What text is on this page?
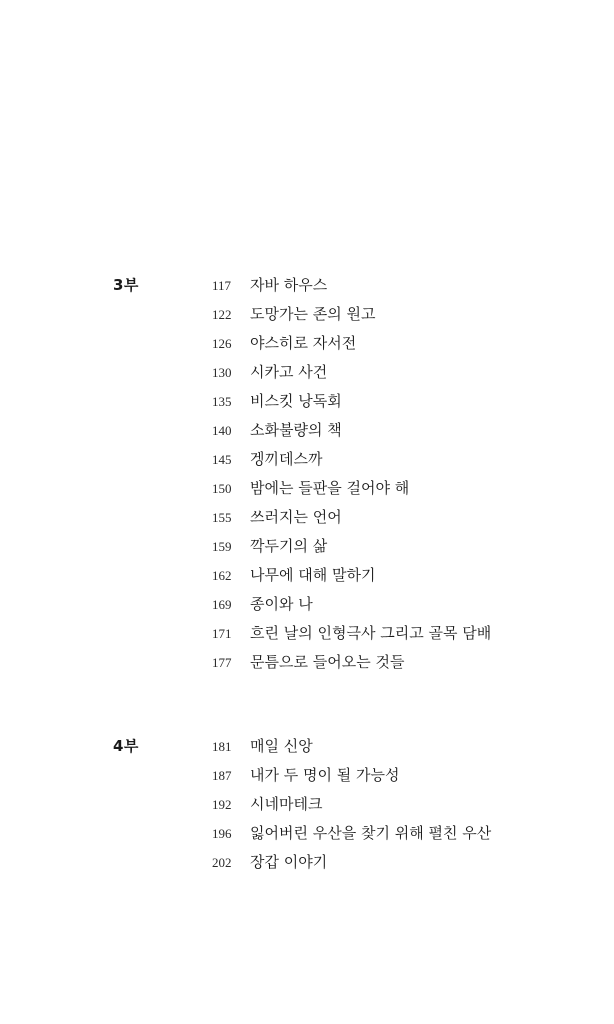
3부	117 자바 하우스
122 도망가는 존의 원고
126 야스히로 자서전
130 시카고 사건
135 비스킷 낭독회
140 소화불량의 책
145 겡끼데스까
150 밤에는 들판을 걸어야 해
155 쓰러지는 언어
159 깍두기의 삶
162 나무에 대해 말하기
169 종이와 나
171 흐린 날의 인형극사 그리고 골목 담배
177 문틈으로 들어오는 것들
4부	181 매일 신앙
187 내가 두 명이 될 가능성
192 시네마테크
196 잃어버린 우산을 찾기 위해 펼친 우산
202 장갑 이야기
